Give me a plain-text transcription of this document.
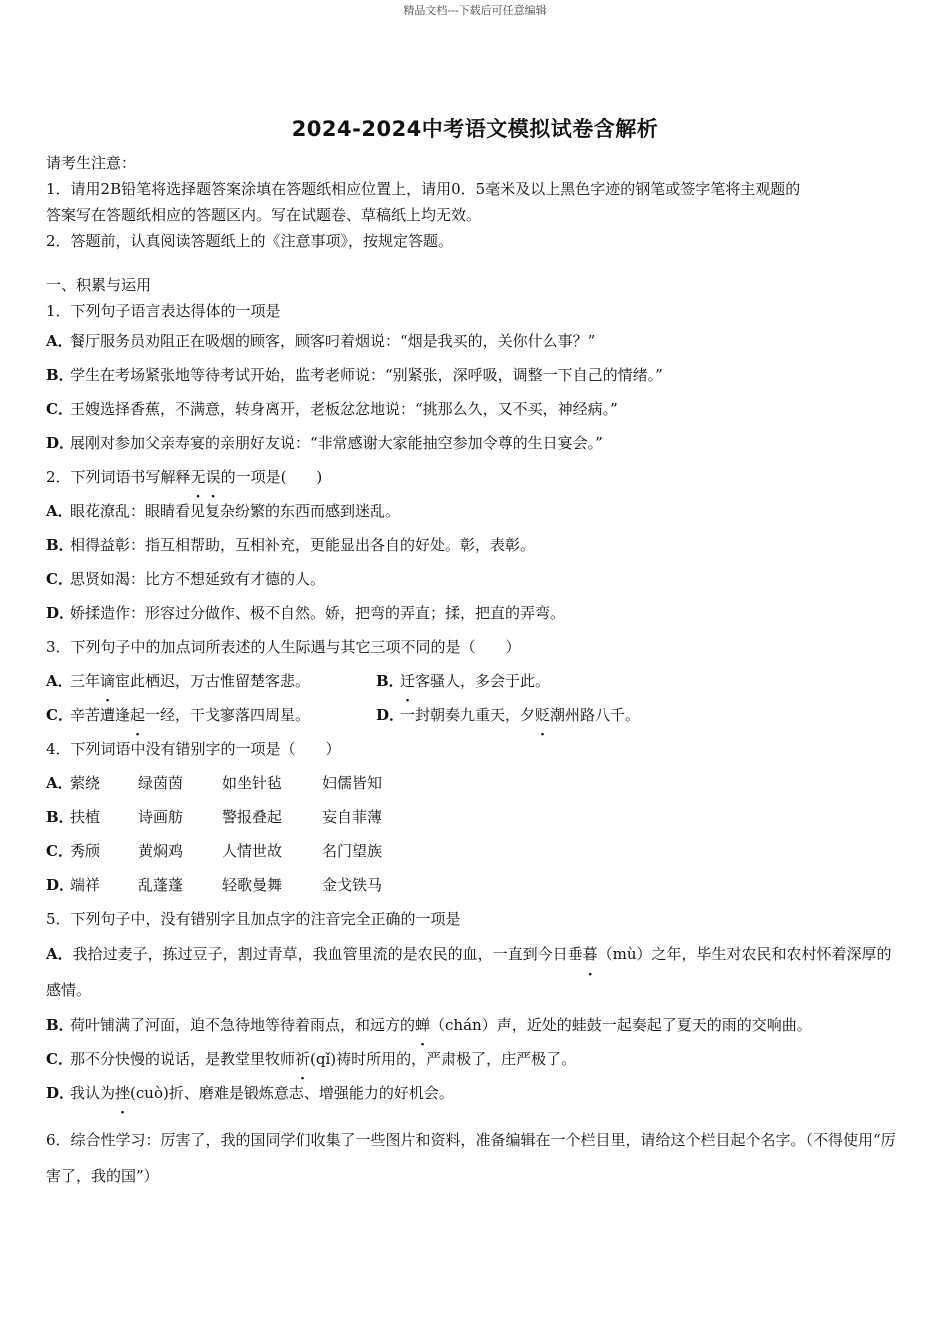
精品文档---下载后可任意编辑
2024-2024中考语文模拟试卷含解析
请考生注意：
1．请用2B铅笔将选择题答案涂填在答题纸相应位置上，请用0．5毫米及以上黑色字迹的钢笔或签字笔将主观题的
答案写在答题纸相应的答题区内。写在试题卷、草稿纸上均无效。
2．答题前，认真阅读答题纸上的《注意事项》，按规定答题。
一、积累与运用
1．下列句子语言表达得体的一项是
A．餐厅服务员劝阻正在吸烟的顾客，顾客叼着烟说：“烟是我买的，关你什么事？”
B．学生在考场紧张地等待考试开始，监考老师说：“别紧张，深呼吸，调整一下自己的情绪。”
C．王嫂选择香蕉，不满意，转身离开，老板忿忿地说：“挑那么久，又不买，神经病。”
D．展刚对参加父亲寿宴的亲朋好友说：“非常感谢大家能抽空参加令尊的生日宴会。”
2．下列词语书写解释无误的一项是(　　)
A．眼花潦乱：眼睛看见复杂纷繁的东西而感到迷乱。
B．相得益彰：指互相帮助，互相补充，更能显出各自的好处。彰，表彰。
C．思贤如渴：比方不想延致有才德的人。
D．娇揉造作：形容过分做作、极不自然。娇，把弯的弄直；揉，把直的弄弯。
3．下列句子中的加点词所表述的人生际遇与其它三项不同的是（　　）
A．三年谪宦此栖迟，万古惟留楚客悲。	B．迁客骚人，多会于此。
C．辛苦遭逢起一经，干戈寥落四周星。	D．一封朝奏九重天，夕贬潮州路八千。
4．下列词语中没有错别字的一项是（　　）
A．萦绕	绿茵茵	如坐针毡	妇儒皆知
B．扶植	诗画舫	警报叠起	妄自菲薄
C．秀颀	黄焖鸡	人情世故	名门望族
D．端祥	乱蓬蓬	轻歌曼舞	金戈铁马
5．下列句子中，没有错别字且加点字的注音完全正确的一项是
A．我拾过麦子，拣过豆子，割过青草，我血管里流的是农民的血，一直到今日垂暮（mù）之年，毕生对农民和农村怀着深厚的感情。
B．荷叶铺满了河面，迫不急待地等待着雨点，和远方的蝉（chán）声，近处的蛙鼓一起奏起了夏天的雨的交响曲。
C．那不分快慢的说话，是教堂里牧师祈(qǐ)祷时所用的，严肃极了，庄严极了。
D．我认为挫(cuò)折、磨难是锻炼意志、增强能力的好机会。
6．综合性学习：厉害了，我的国同学们收集了一些图片和资料，准备编辑在一个栏目里，请给这个栏目起个名字。（不得使用“厉害了，我的国”）
